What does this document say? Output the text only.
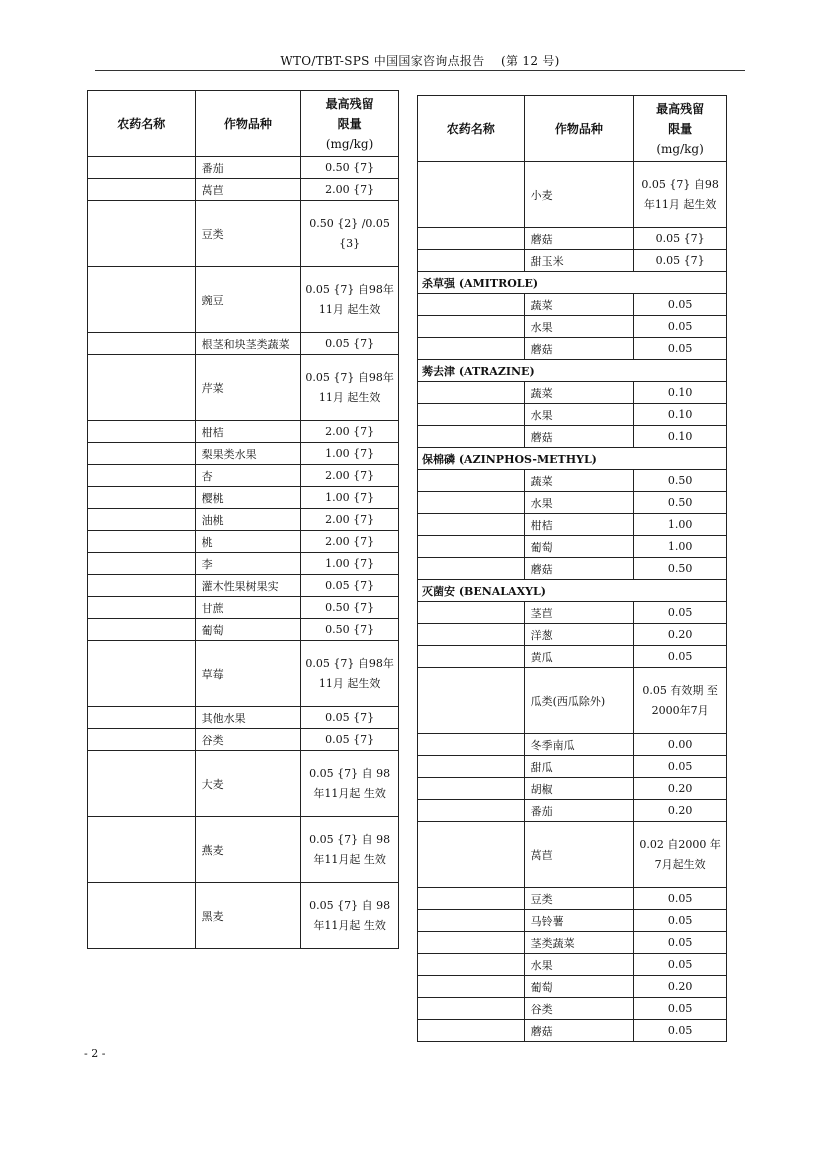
WTO/TBT-SPS 中国国家咨询点报告 (第 12 号)
农药名称	作物品种	最高残留
限量
(mg/kg)
	番茄	0.50 {7}
	莴苣	2.00 {7}
	豆类	0.50 {2} /0.05 {3}
	豌豆	0.05 {7} 自98年11月 起生效
	根茎和块茎类蔬菜	0.05 {7}
	芹菜	0.05 {7} 自98年11月 起生效
	柑桔	2.00 {7}
	梨果类水果	1.00 {7}
	杏	2.00 {7}
	樱桃	1.00 {7}
	油桃	2.00 {7}
	桃	2.00 {7}
	李	1.00 {7}
	灌木性果树果实	0.05 {7}
	甘蔗	0.50 {7}
	葡萄	0.50 {7}
	草莓	0.05 {7} 自98年11月 起生效
	其他水果	0.05 {7}
	谷类	0.05 {7}
	大麦	0.05 {7} 自 98年11月起 生效
	燕麦	0.05 {7} 自 98年11月起 生效
	黑麦	0.05 {7} 自 98年11月起 生效
农药名称	作物品种	最高残留
限量
(mg/kg)
	小麦	0.05 {7} 自98年11月 起生效
	蘑菇	0.05 {7}
	甜玉米	0.05 {7}
杀草强 (AMITROLE)		
	蔬菜	0.05
	水果	0.05
	蘑菇	0.05
莠去津 (ATRAZINE)		
	蔬菜	0.10
	水果	0.10
	蘑菇	0.10
保棉磷 (AZINPHOS-METHYL)		
	蔬菜	0.50
	水果	0.50
	柑桔	1.00
	葡萄	1.00
	蘑菇	0.50
灭菌安 (BENALAXYL)		
	茎苣	0.05
	洋葱	0.20
	黄瓜	0.05
	瓜类(西瓜除外)	0.05 有效期 至2000年7月
	冬季南瓜	0.00
	甜瓜	0.05
	胡椒	0.20
	番茄	0.20
	莴苣	0.02 自2000 年7月起生效
	豆类	0.05
	马铃薯	0.05
	茎类蔬菜	0.05
	水果	0.05
	葡萄	0.20
	谷类	0.05
	蘑菇	0.05
- 2 -
